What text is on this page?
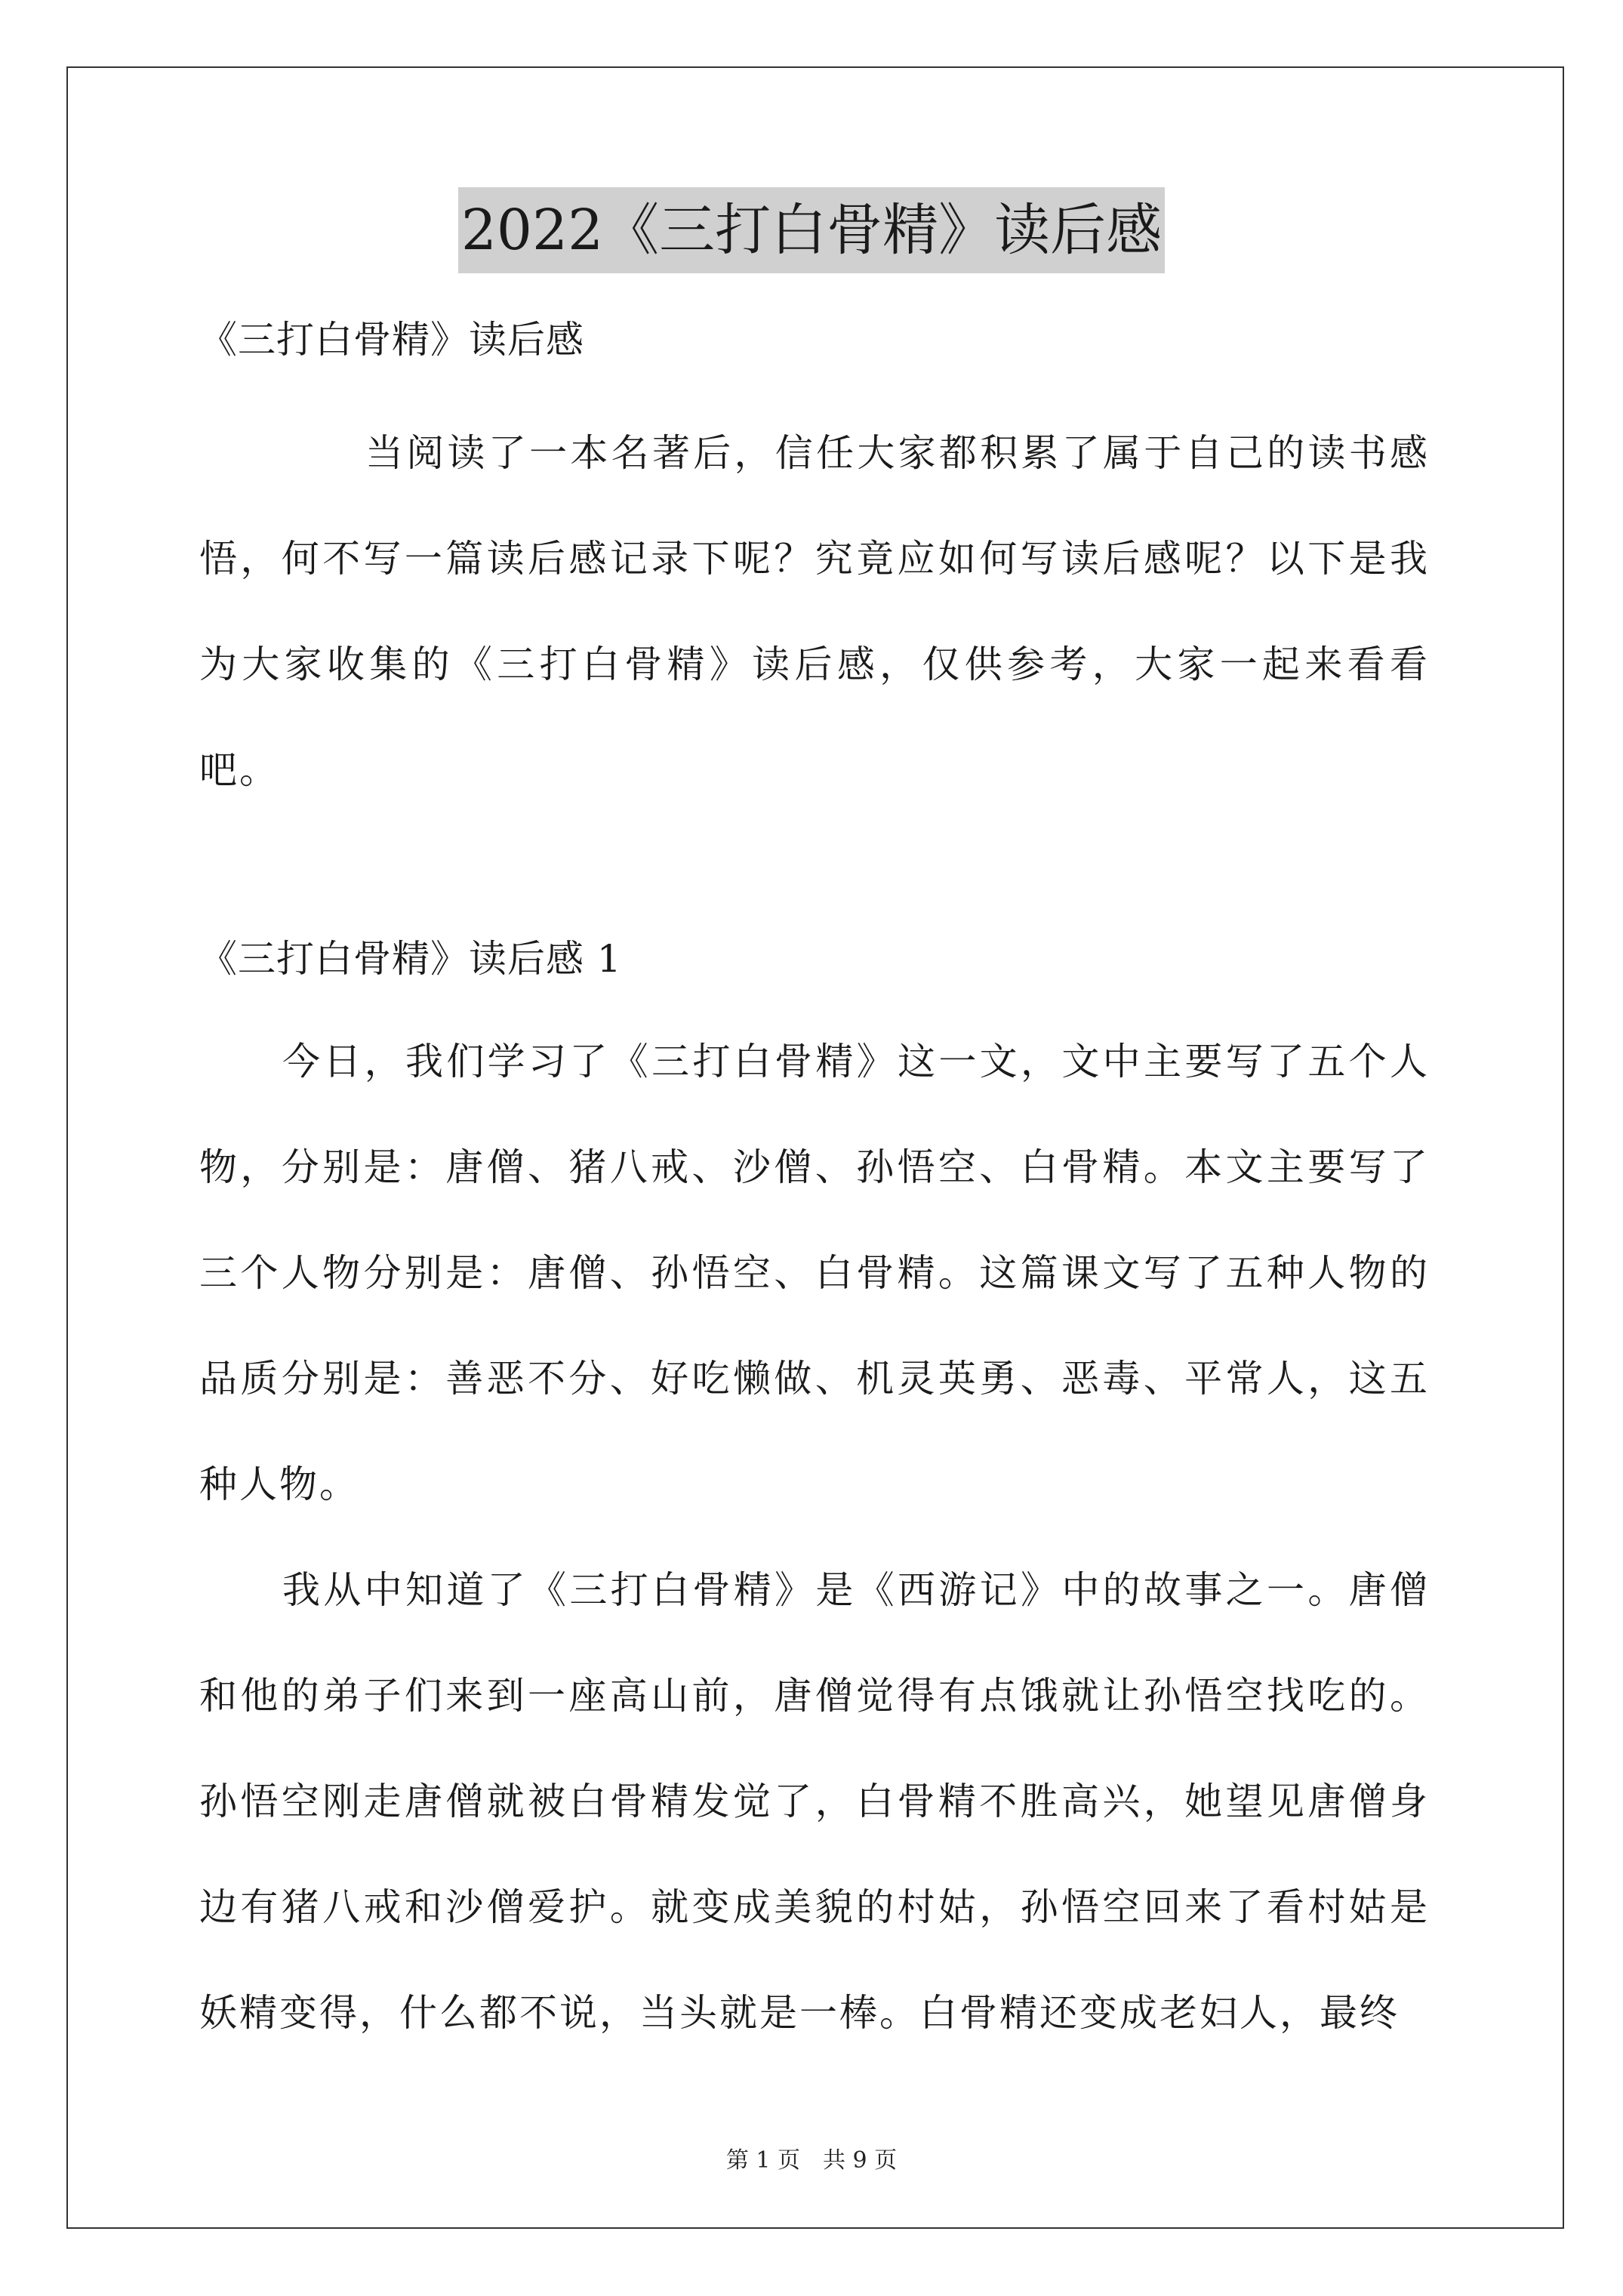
2022《三打白骨精》读后感

《三打白骨精》读后感

当阅读了一本名著后，信任大家都积累了属于自己的读书感悟，何不写一篇读后感记录下呢？究竟应如何写读后感呢？以下是我为大家收集的《三打白骨精》读后感，仅供参考，大家一起来看看吧。

《三打白骨精》读后感 1

今日，我们学习了《三打白骨精》这一文，文中主要写了五个人物，分别是：唐僧、猪八戒、沙僧、孙悟空、白骨精。本文主要写了三个人物分别是：唐僧、孙悟空、白骨精。这篇课文写了五种人物的品质分别是：善恶不分、好吃懒做、机灵英勇、恶毒、平常人，这五种人物。

我从中知道了《三打白骨精》是《西游记》中的故事之一。唐僧和他的弟子们来到一座高山前，唐僧觉得有点饿就让孙悟空找吃的。孙悟空刚走唐僧就被白骨精发觉了，白骨精不胜高兴，她望见唐僧身边有猪八戒和沙僧爱护。就变成美貌的村姑，孙悟空回来了看村姑是妖精变得，什么都不说，当头就是一棒。白骨精还变成老妇人，最终

第 1 页 共 9 页
